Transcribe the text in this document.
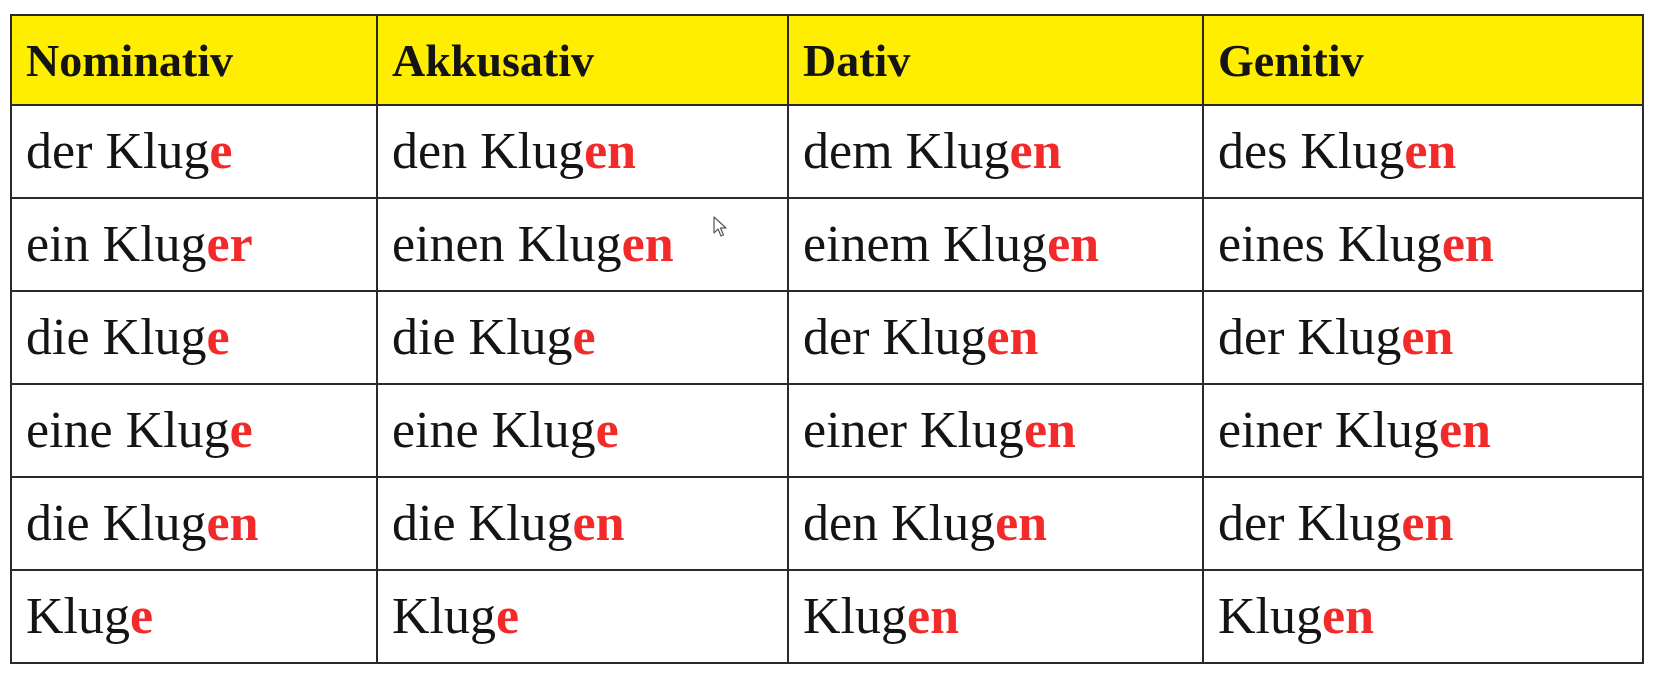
Nominativ	Akkusativ	Dativ	Genitiv
der Kluge	den Klugen	dem Klugen	des Klugen
ein Kluger	einen Klugen	einem Klugen	eines Klugen
die Kluge	die Kluge	der Klugen	der Klugen
eine Kluge	eine Kluge	einer Klugen	einer Klugen
die Klugen	die Klugen	den Klugen	der Klugen
Kluge	Kluge	Klugen	Klugen
